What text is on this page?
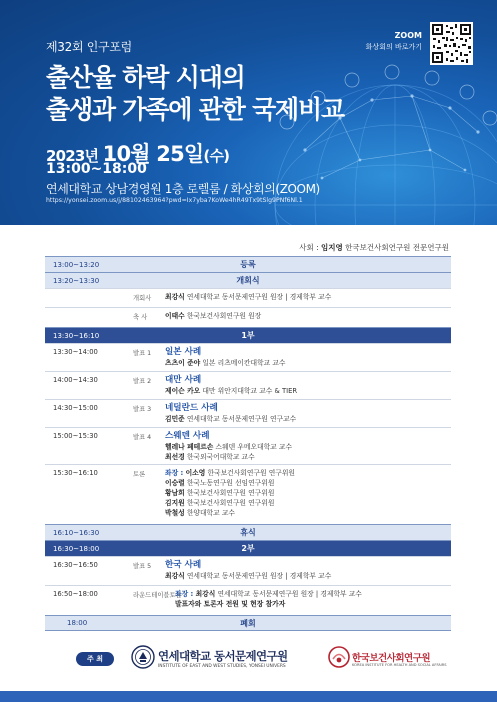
제32회 인구포럼
출산율 하락 시대의
출생과 가족에 관한 국제비교
2023년 10월 25일(수)
13:00~18:00
연세대학교 상남경영원 1층 로렐룸 / 화상회의(ZOOM)
https://yonsei.zoom.us/j/88102463964?pwd=Ix7yba7KoWe4hR49Tx9tSlg9PNf6Nl.1
ZOOM
화상회의 바로가기
사회 : 임지영 한국보건사회연구원 전문연구원
13:00~13:20	등록
13:20~13:30	개회식
개회사	최강식 연세대학교 동서문제연구원 원장 | 경제학부 교수
축 사	이태수 한국보건사회연구원 원장
13:30~16:10	1부
13:30~14:00	발표 1	일본 사례
츠츠이 준야 일본 리츠메이칸대학교 교수
14:00~14:30	발표 2	대만 사례
제이슨 카오 대만 위안지대학교 교수 & TIER
14:30~15:00	발표 3	네덜란드 사례
김민준 연세대학교 동서문제연구원 연구교수
15:00~15:30	발표 4	스웨덴 사례
헬레나 페테르손 스웨덴 우메오대학교 교수
최선경 한국외국어대학교 교수
15:30~16:10	토론	좌장 : 이소영 한국보건사회연구원 연구위원
이승렬 한국노동연구원 선임연구위원
황남희 한국보건사회연구원 연구위원
김지원 한국보건사회연구원 연구위원
박철성 한양대학교 교수
16:10~16:30	휴식
16:30~18:00	2부
16:30~16:50	발표 5	한국 사례
최강식 연세대학교 동서문제연구원 원장 | 경제학부 교수
16:50~18:00	라운드테이블토론
좌장 : 최강식 연세대학교 동서문제연구원 원장 | 경제학부 교수
발표자와 토론자 전원 및 현장 참가자
18:00	폐회
주 최	연세대학교 동서문제연구원
INSTITUTE OF EAST AND WEST STUDIES, YONSEI UNIVERS
한국보건사회연구원
KOREA INSTITUTE FOR HEALTH AND SOCIAL AFFAIRS
